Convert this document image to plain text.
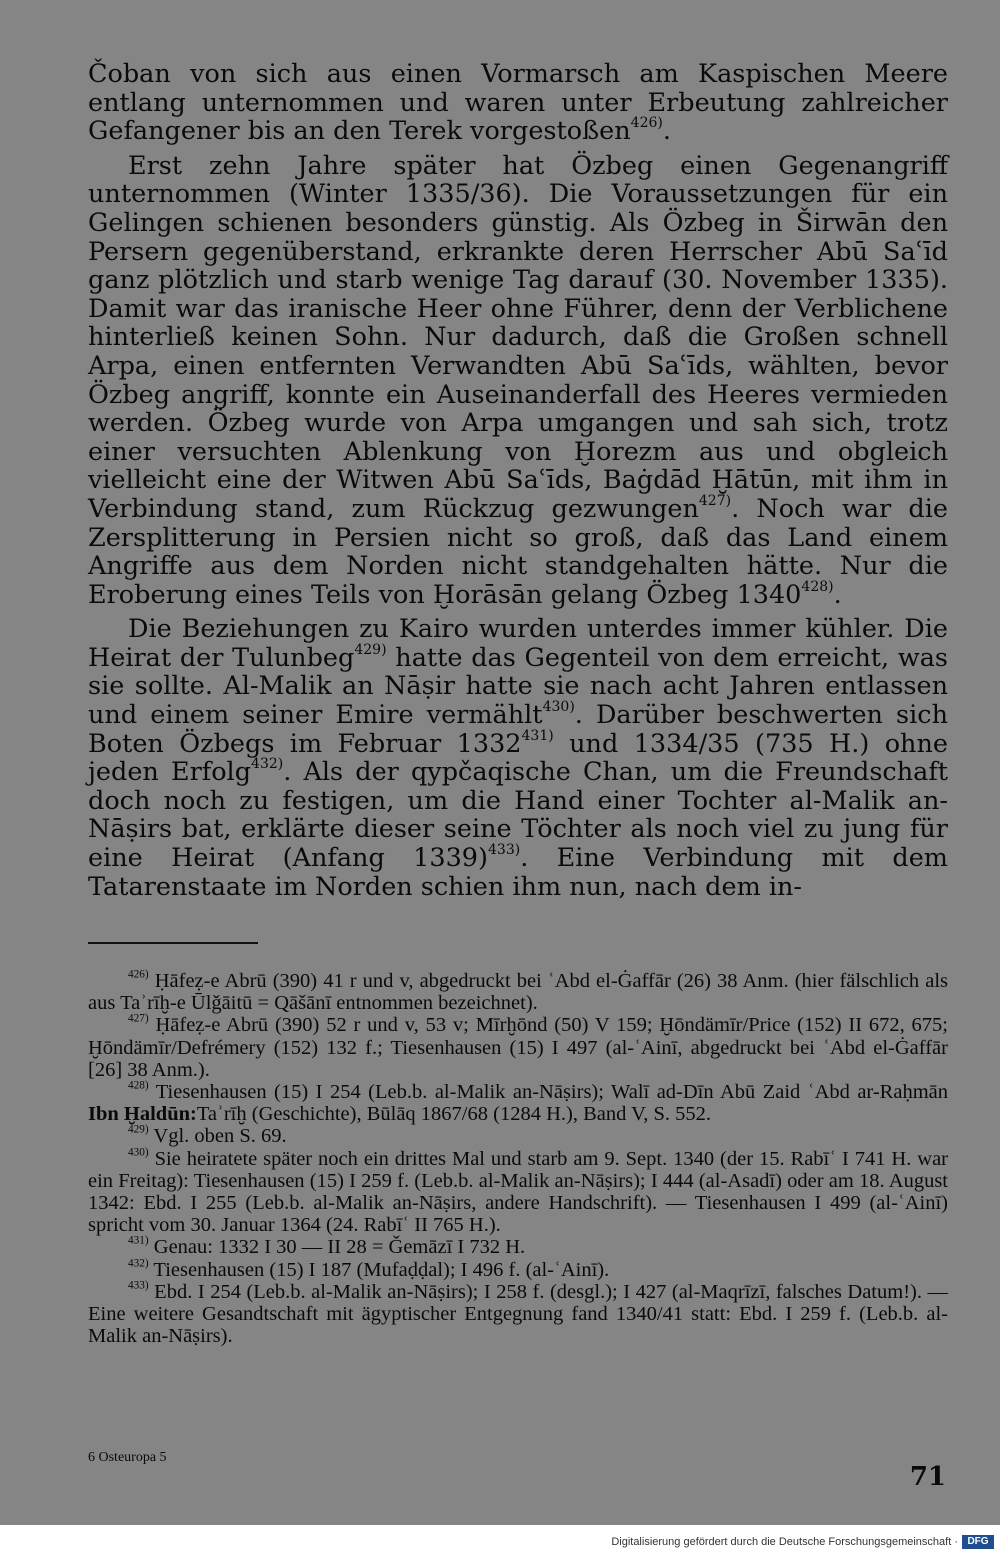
Čoban von sich aus einen Vormarsch am Kaspischen Meere entlang unternommen und waren unter Erbeutung zahlreicher Gefangener bis an den Terek vorgestoßen$^{426)}$.

Erst zehn Jahre später hat Özbeg einen Gegenangriff unternommen (Winter 1335/36). Die Voraussetzungen für ein Gelingen schienen besonders günstig. Als Özbeg in Širwān den Persern gegenüberstand, erkrankte deren Herrscher Abū Saʿīd ganz plötzlich und starb wenige Tag darauf (30. November 1335). Damit war das iranische Heer ohne Führer, denn der Verblichene hinterließ keinen Sohn. Nur dadurch, daß die Großen schnell Arpa, einen entfernten Verwandten Abū Saʿīds, wählten, bevor Özbeg angriff, konnte ein Auseinanderfall des Heeres vermieden werden. Özbeg wurde von Arpa umgangen und sah sich, trotz einer versuchten Ablenkung von Ḫorezm aus und obgleich vielleicht eine der Witwen Abū Saʿīds, Baġdād Ḫātūn, mit ihm in Verbindung stand, zum Rückzug gezwungen$^{427)}$. Noch war die Zersplitterung in Persien nicht so groß, daß das Land einem Angriffe aus dem Norden nicht standgehalten hätte. Nur die Eroberung eines Teils von Ḫorāsān gelang Özbeg 1340$^{428)}$.

Die Beziehungen zu Kairo wurden unterdes immer kühler. Die Heirat der Tulunbeg$^{429)}$ hatte das Gegenteil von dem erreicht, was sie sollte. Al-Malik an Nāṣir hatte sie nach acht Jahren entlassen und einem seiner Emire vermählt$^{430)}$. Darüber beschwerten sich Boten Özbegs im Februar 1332$^{431)}$ und 1334/35 (735 H.) ohne jeden Erfolg$^{432)}$. Als der qypčaqische Chan, um die Freundschaft doch noch zu festigen, um die Hand einer Tochter al-Malik an-Nāṣirs bat, erklärte dieser seine Töchter als noch viel zu jung für eine Heirat (Anfang 1339)$^{433)}$. Eine Verbindung mit dem Tatarenstaate im Norden schien ihm nun, nach dem in-

$^{426)}$ Ḥāfeẓ-e Abrū (390) 41 r und v, abgedruckt bei ʿAbd el-Ġaffār (26) 38 Anm. (hier fälschlich als aus Taʾrīḫ-e Ūlǧāitū = Qāšānī entnommen bezeichnet).

$^{427)}$ Ḥāfeẓ-e Abrū (390) 52 r und v, 53 v; Mīrḫōnd (50) V 159; Ḫōndämīr/Price (152) II 672, 675; Ḫōndämīr/Defrémery (152) 132 f.; Tiesenhausen (15) I 497 (al-ʿAinī, abgedruckt bei ʿAbd el-Ġaffār [26] 38 Anm.).

$^{428)}$ Tiesenhausen (15) I 254 (Leb.b. al-Malik an-Nāṣirs); Walī ad-Dīn Abū Zaid ʿAbd ar-Raḥmān Ibn Ḫaldūn:Taʾrīḫ (Geschichte), Būlāq 1867/68 (1284 H.), Band V, S. 552.

$^{429)}$ Vgl. oben S. 69.

$^{430)}$ Sie heiratete später noch ein drittes Mal und starb am 9. Sept. 1340 (der 15. Rabīʿ I 741 H. war ein Freitag): Tiesenhausen (15) I 259 f. (Leb.b. al-Malik an-Nāṣirs); I 444 (al-Asadī) oder am 18. August 1342: Ebd. I 255 (Leb.b. al-Malik an-Nāṣirs, andere Handschrift). — Tiesenhausen I 499 (al-ʿAinī) spricht vom 30. Januar 1364 (24. Rabīʿ II 765 H.).

$^{431)}$ Genau: 1332 I 30 — II 28 = Ǧemāzī I 732 H.

$^{432)}$ Tiesenhausen (15) I 187 (Mufaḍḍal); I 496 f. (al-ʿAinī).

$^{433)}$ Ebd. I 254 (Leb.b. al-Malik an-Nāṣirs); I 258 f. (desgl.); I 427 (al-Maqrīzī, falsches Datum!). — Eine weitere Gesandtschaft mit ägyptischer Entgegnung fand 1340/41 statt: Ebd. I 259 f. (Leb.b. al-Malik an-Nāṣirs).

6 Osteuropa 5
71
Digitalisierung gefördert durch die Deutsche Forschungsgemeinschaft · DFG
